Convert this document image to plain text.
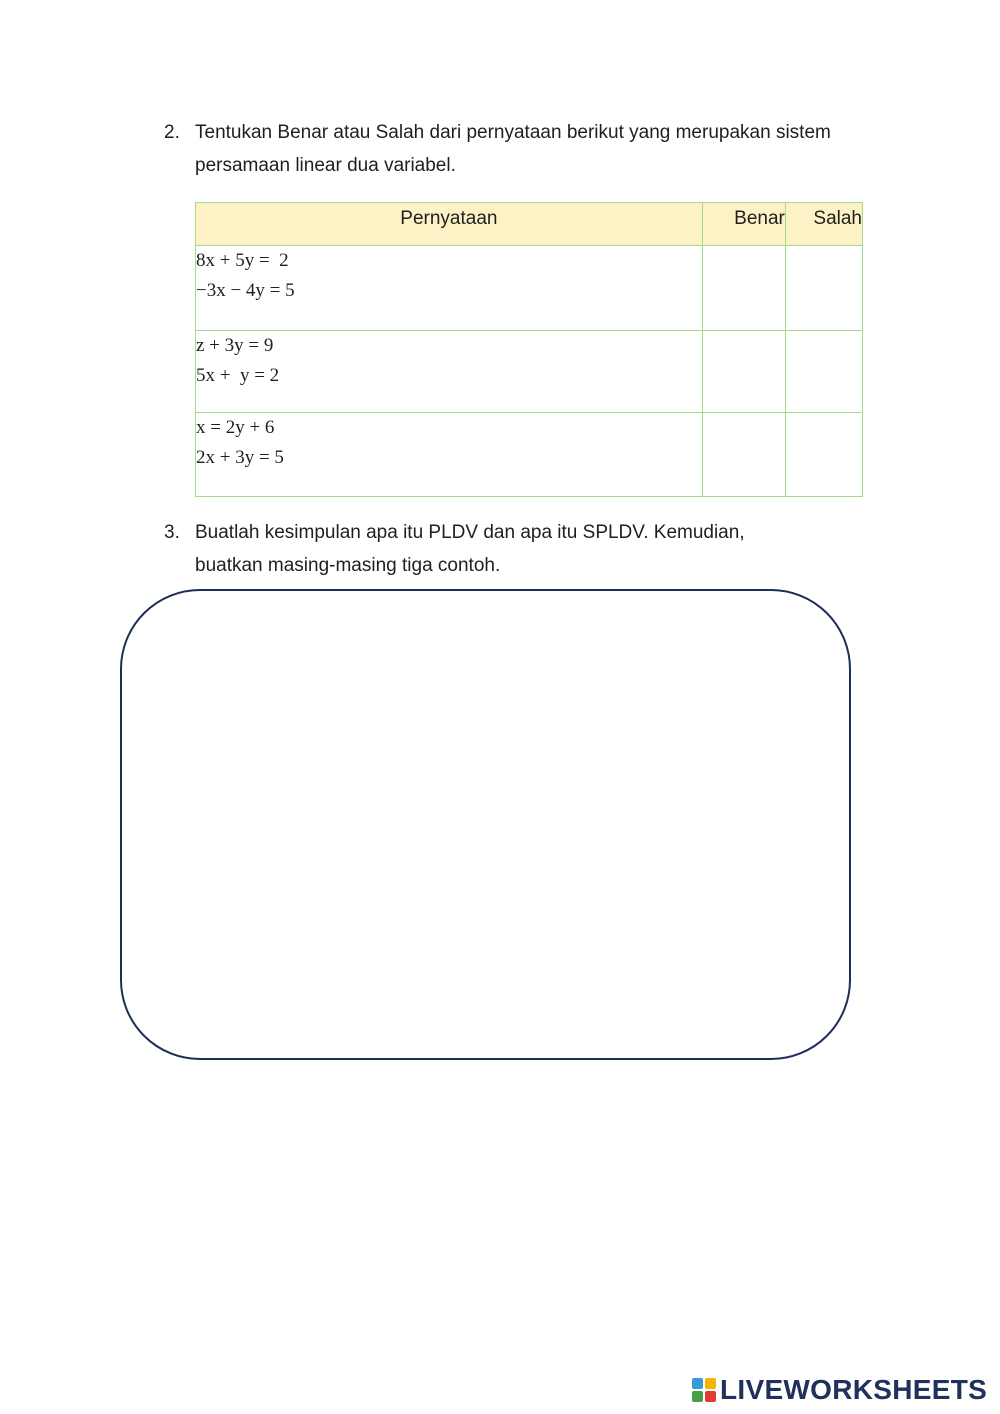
2. Tentukan Benar atau Salah dari pernyataan berikut yang merupakan sistem
persamaan linear dua variabel.
Pernyataan	Benar	Salah

8x + 5y =  2
−3x − 4y = 5		

z + 3y = 9
5x +  y = 2		

x = 2y + 6
2x + 3y = 5		

3. Buatlah kesimpulan apa itu PLDV dan apa itu SPLDV. Kemudian,
buatkan masing-masing tiga contoh.
LIVEWORKSHEETS
